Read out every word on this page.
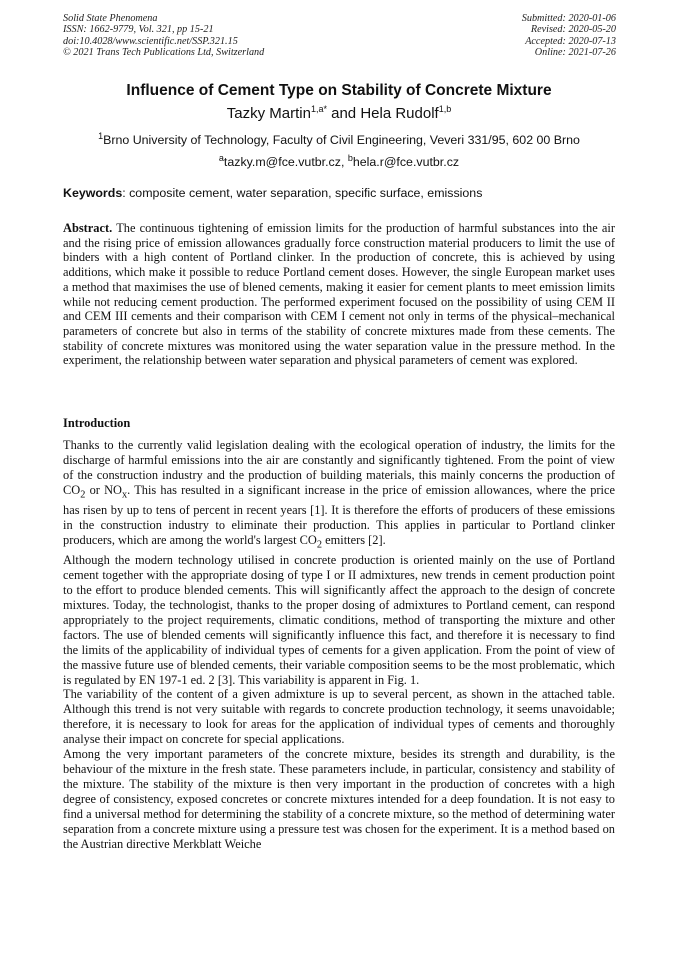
Solid State Phenomena
ISSN: 1662-9779, Vol. 321, pp 15-21
doi:10.4028/www.scientific.net/SSP.321.15
© 2021 Trans Tech Publications Ltd, Switzerland
Submitted: 2020-01-06
Revised: 2020-05-20
Accepted: 2020-07-13
Online: 2021-07-26
Influence of Cement Type on Stability of Concrete Mixture
Tazky Martin$^{1,a*}$ and Hela Rudolf$^{1,b}$
$^1$Brno University of Technology, Faculty of Civil Engineering, Veveri 331/95, 602 00 Brno
$^a$tazky.m@fce.vutbr.cz, $^b$hela.r@fce.vutbr.cz
Keywords: composite cement, water separation, specific surface, emissions
Abstract. The continuous tightening of emission limits for the production of harmful substances into the air and the rising price of emission allowances gradually force construction material producers to limit the use of binders with a high content of Portland clinker. In the production of concrete, this is achieved by using additions, which make it possible to reduce Portland cement doses. However, the single European market uses a method that maximises the use of blened cements, making it easier for cement plants to meet emission limits while not reducing cement production. The performed experiment focused on the possibility of using CEM II and CEM III cements and their comparison with CEM I cement not only in terms of the physical–mechanical parameters of concrete but also in terms of the stability of concrete mixtures made from these cements. The stability of concrete mixtures was monitored using the water separation value in the pressure method. In the experiment, the relationship between water separation and physical parameters of cement was explored.
Introduction

Thanks to the currently valid legislation dealing with the ecological operation of industry, the limits for the discharge of harmful emissions into the air are constantly and significantly tightened. From the point of view of the construction industry and the production of building materials, this mainly concerns the production of $CO_2$ or $NO_x$. This has resulted in a significant increase in the price of emission allowances, where the price has risen by up to tens of percent in recent years [1]. It is therefore the efforts of producers of these emissions in the construction industry to eliminate their production. This applies in particular to Portland clinker producers, which are among the world's largest $CO_2$ emitters [2].

Although the modern technology utilised in concrete production is oriented mainly on the use of Portland cement together with the appropriate dosing of type I or II admixtures, new trends in cement production point to the effort to produce blended cements. This will significantly affect the approach to the design of concrete mixtures. Today, the technologist, thanks to the proper dosing of admixtures to Portland cement, can respond appropriately to the project requirements, climatic conditions, method of transporting the mixture and other factors. The use of blended cements will significantly influence this fact, and therefore it is necessary to find the limits of the applicability of individual types of cements for a given application. From the point of view of the massive future use of blended cements, their variable composition seems to be the most problematic, which is regulated by EN 197-1 ed. 2 [3]. This variability is apparent in Fig. 1.

The variability of the content of a given admixture is up to several percent, as shown in the attached table. Although this trend is not very suitable with regards to concrete production technology, it seems unavoidable; therefore, it is necessary to look for areas for the application of individual types of cements and thoroughly analyse their impact on concrete for special applications.

Among the very important parameters of the concrete mixture, besides its strength and durability, is the behaviour of the mixture in the fresh state. These parameters include, in particular, consistency and stability of the mixture. The stability of the mixture is then very important in the production of concretes with a high degree of consistency, exposed concretes or concrete mixtures intended for a deep foundation. It is not easy to find a universal method for determining the stability of a concrete mixture, so the method of determining water separation from a concrete mixture using a pressure test was chosen for the experiment. It is a method based on the Austrian directive Merkblatt Weiche
